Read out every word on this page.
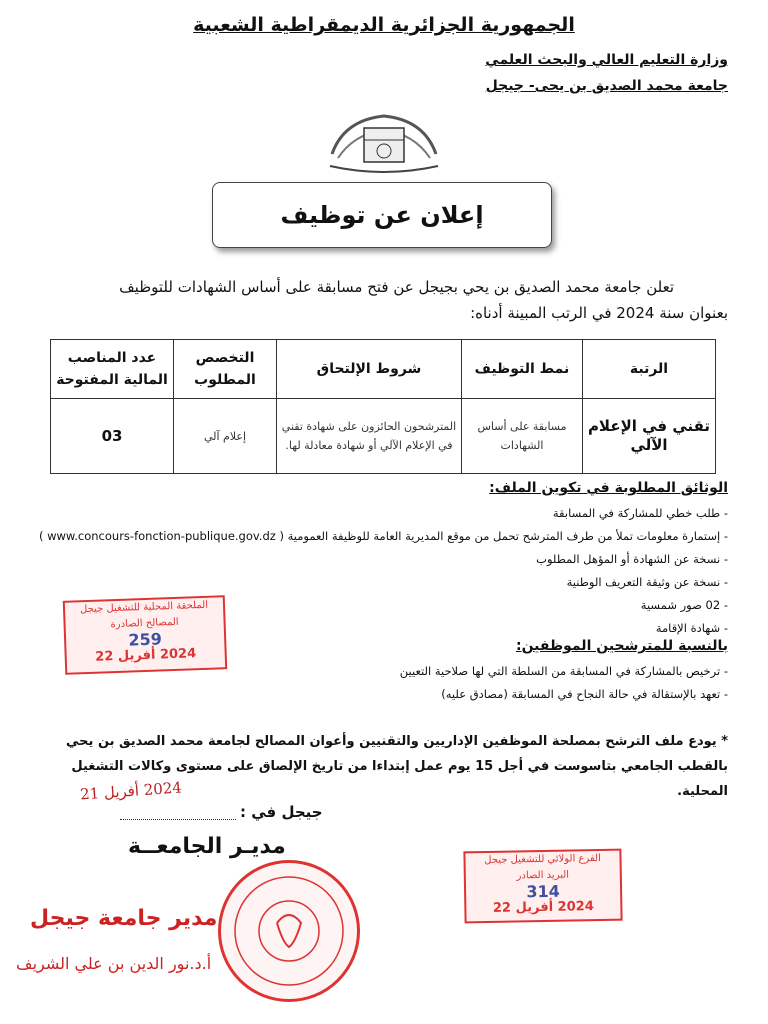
الجمهورية الجزائرية الديمقراطية الشعبية
وزارة التعليم العالي والبحث العلمي
جامعة محمد الصديق بن يحى- جيجل
إعلان عن توظيف
تعلن جامعة محمد الصديق بن يحي بجيجل عن فتح مسابقة على أساس الشهادات للتوظيف
بعنوان سنة 2024 في الرتب المبينة أدناه:
الرتبة	نمط التوظيف	شروط الإلتحاق	التخصص المطلوب	عدد المناصب المالية المفتوحة
تقني في الإعلام الآلي	مسابقة على أساس الشهادات	المترشحون الحائزون على شهادة تقني في الإعلام الآلي أو شهادة معادلة لها.	إعلام آلي	03
الوثائق المطلوبة في تكوين الملف:
- طلب خطي للمشاركة في المسابقة
- إستمارة معلومات تملأ من طرف المترشح تحمل من موقع المديرية العامة للوظيفة العمومية ( www.concours-fonction-publique.gov.dz )
- نسخة عن الشهادة أو المؤهل المطلوب
- نسخة عن وثيقة التعريف الوطنية
- 02 صور شمسية
- شهادة الإقامة
بالنسبة للمترشحين الموظفين:
- ترخيص بالمشاركة في المسابقة من السلطة التي لها صلاحية التعيين
- تعهد بالإستقالة في حالة النجاح في المسابقة (مصادق عليه)
الملحقة المحلية للتشغيل جيجل
المصالح الصادرة
259
2024 أفريل 22
* يودع ملف الترشح بمصلحة الموظفين الإداريين والتقنيين وأعوان المصالح لجامعة محمد الصديق بن يحي بالقطب الجامعي بتاسوست في أجل 15 يوم عمل إبتداءا من تاريخ الإلصاق على مستوى وكالات التشغيل المحلية.
2024 أفريل 21
جيجل في :
مديـر الجامعــة
مدير جامعة جيجل
أ.د.نور الدين بن علي الشريف
الفرع الولائي للتشغيل جيجل
البريد الصادر
314
2024 أفريل 22
